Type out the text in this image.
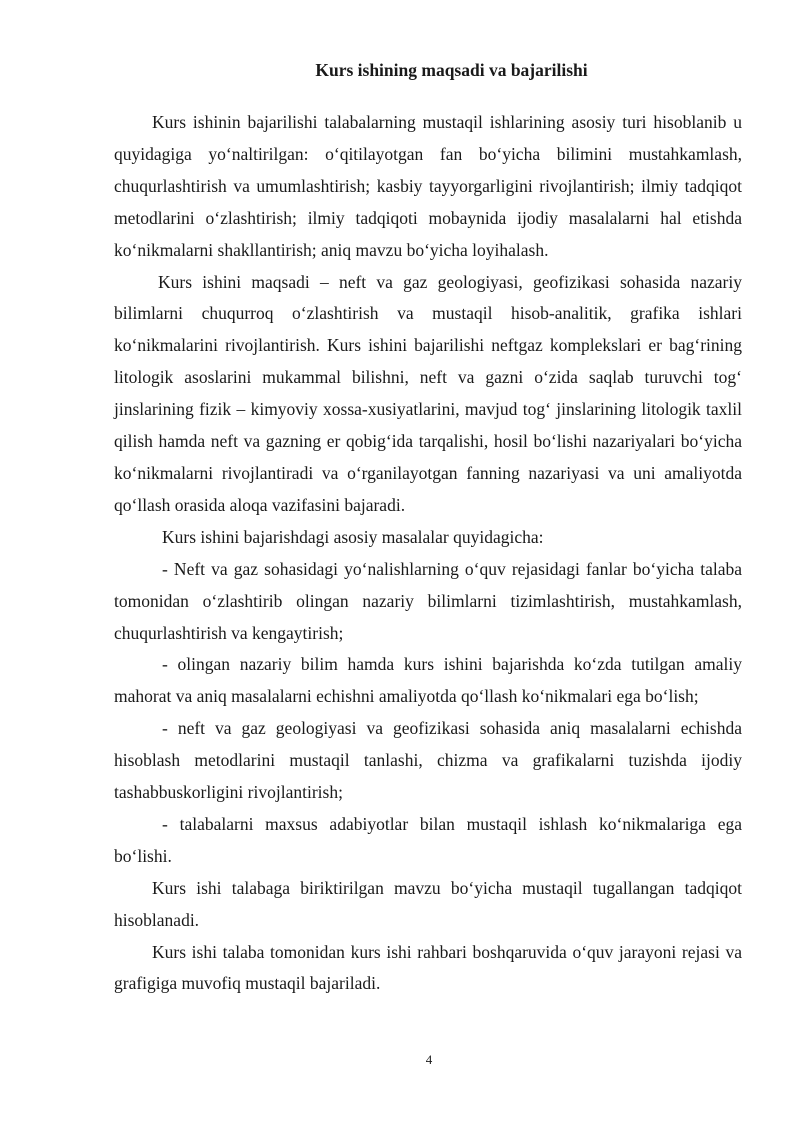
Kurs ishining maqsadi va bajarilishi

Kurs ishinin bajarilishi talabalarning mustaqil ishlarining asosiy turi hisoblanib u quyidagiga yo‘naltirilgan: o‘qitilayotgan fan bo‘yicha bilimini mustahkamlash, chuqurlashtirish va umumlashtirish; kasbiy tayyorgarligini rivojlantirish; ilmiy tadqiqot metodlarini o‘zlashtirish; ilmiy tadqiqoti mobaynida ijodiy masalalarni hal etishda ko‘nikmalarni shakllantirish; aniq mavzu bo‘yicha loyihalash.

Kurs ishini maqsadi – neft va gaz geologiyasi, geofizikasi sohasida nazariy bilimlarni chuqurroq o‘zlashtirish va mustaqil hisob-analitik, grafika ishlari ko‘nikmalarini rivojlantirish. Kurs ishini bajarilishi neftgaz komplekslari er bag‘rining litologik asoslarini mukammal bilishni, neft va gazni o‘zida saqlab turuvchi tog‘ jinslarining fizik – kimyoviy xossa-xusiyatlarini, mavjud tog‘ jinslarining litologik taxlil qilish hamda neft va gazning er qobig‘ida tarqalishi, hosil bo‘lishi nazariyalari bo‘yicha ko‘nikmalarni rivojlantiradi va o‘rganilayotgan fanning nazariyasi va uni amaliyotda qo‘llash orasida aloqa vazifasini bajaradi.

Kurs ishini bajarishdagi asosiy masalalar quyidagicha:

- Neft va gaz sohasidagi yo‘nalishlarning o‘quv rejasidagi fanlar bo‘yicha talaba tomonidan o‘zlashtirib olingan nazariy bilimlarni tizimlashtirish, mustahkamlash, chuqurlashtirish va kengaytirish;

- olingan nazariy bilim hamda kurs ishini bajarishda ko‘zda tutilgan amaliy mahorat va aniq masalalarni echishni amaliyotda qo‘llash ko‘nikmalari ega bo‘lish;

- neft va gaz geologiyasi va geofizikasi sohasida aniq masalalarni echishda hisoblash metodlarini mustaqil tanlashi, chizma va grafikalarni tuzishda ijodiy tashabbuskorligini rivojlantirish;

- talabalarni maxsus adabiyotlar bilan mustaqil ishlash ko‘nikmalariga ega bo‘lishi.

Kurs ishi talabaga biriktirilgan mavzu bo‘yicha mustaqil tugallangan tadqiqot hisoblanadi.

Kurs ishi talaba tomonidan kurs ishi rahbari boshqaruvida o‘quv jarayoni rejasi va grafigiga muvofiq mustaqil bajariladi.

4
